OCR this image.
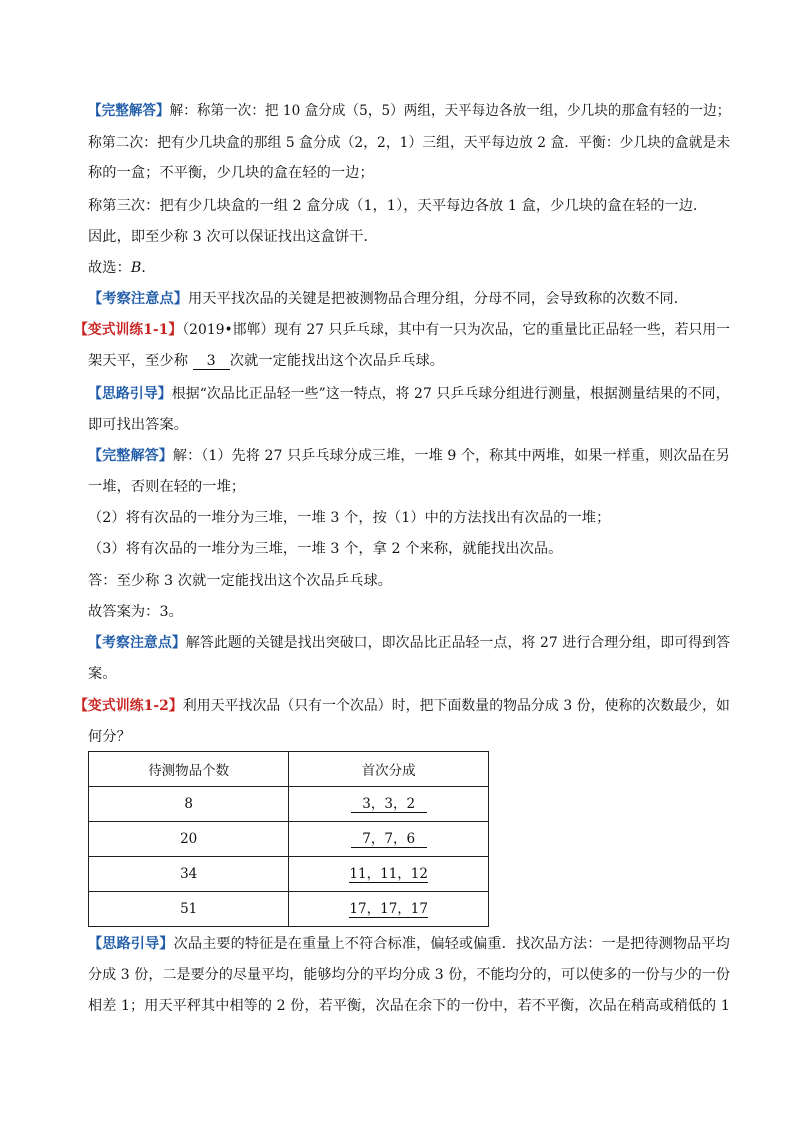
【完整解答】解：称第一次：把 10 盒分成（5，5）两组，天平每边各放一组，少几块的那盒有轻的一边；
称第二次：把有少几块盒的那组 5 盒分成（2，2，1）三组，天平每边放 2 盒．平衡：少几块的盒就是未
称的一盒；不平衡，少几块的盒在轻的一边；
称第三次：把有少几块盒的一组 2 盒分成（1，1），天平每边各放 1 盒，少几块的盒在轻的一边．
因此，即至少称 3 次可以保证找出这盒饼干．
故选：B．
【考察注意点】用天平找次品的关键是把被测物品合理分组，分母不同，会导致称的次数不同．
【变式训练1-1】（2019•邯郸）现有 27 只乒乓球，其中有一只为次品，它的重量比正品轻一些，若只用一
架天平，至少称 3 次就一定能找出这个次品乒乓球。
【思路引导】根据“次品比正品轻一些”这一特点，将 27 只乒乓球分组进行测量，根据测量结果的不同，
即可找出答案。
【完整解答】解：（1）先将 27 只乒乓球分成三堆，一堆 9 个，称其中两堆，如果一样重，则次品在另
一堆，否则在轻的一堆；
（2）将有次品的一堆分为三堆，一堆 3 个，按（1）中的方法找出有次品的一堆；
（3）将有次品的一堆分为三堆，一堆 3 个，拿 2 个来称，就能找出次品。
答：至少称 3 次就一定能找出这个次品乒乓球。
故答案为：3。
【考察注意点】解答此题的关键是找出突破口，即次品比正品轻一点，将 27 进行合理分组，即可得到答
案。
【变式训练1-2】利用天平找次品（只有一个次品）时，把下面数量的物品分成 3 份，使称的次数最少，如
何分？
待测物品个数	首次分成
8	3，3，2
20	7，7，6
34	11，11，12
51	17，17，17
【思路引导】次品主要的特征是在重量上不符合标准，偏轻或偏重．找次品方法：一是把待测物品平均
分成 3 份，二是要分的尽量平均，能够均分的平均分成 3 份，不能均分的，可以使多的一份与少的一份
相差 1；用天平秤其中相等的 2 份，若平衡，次品在余下的一份中，若不平衡，次品在稍高或稍低的 1
